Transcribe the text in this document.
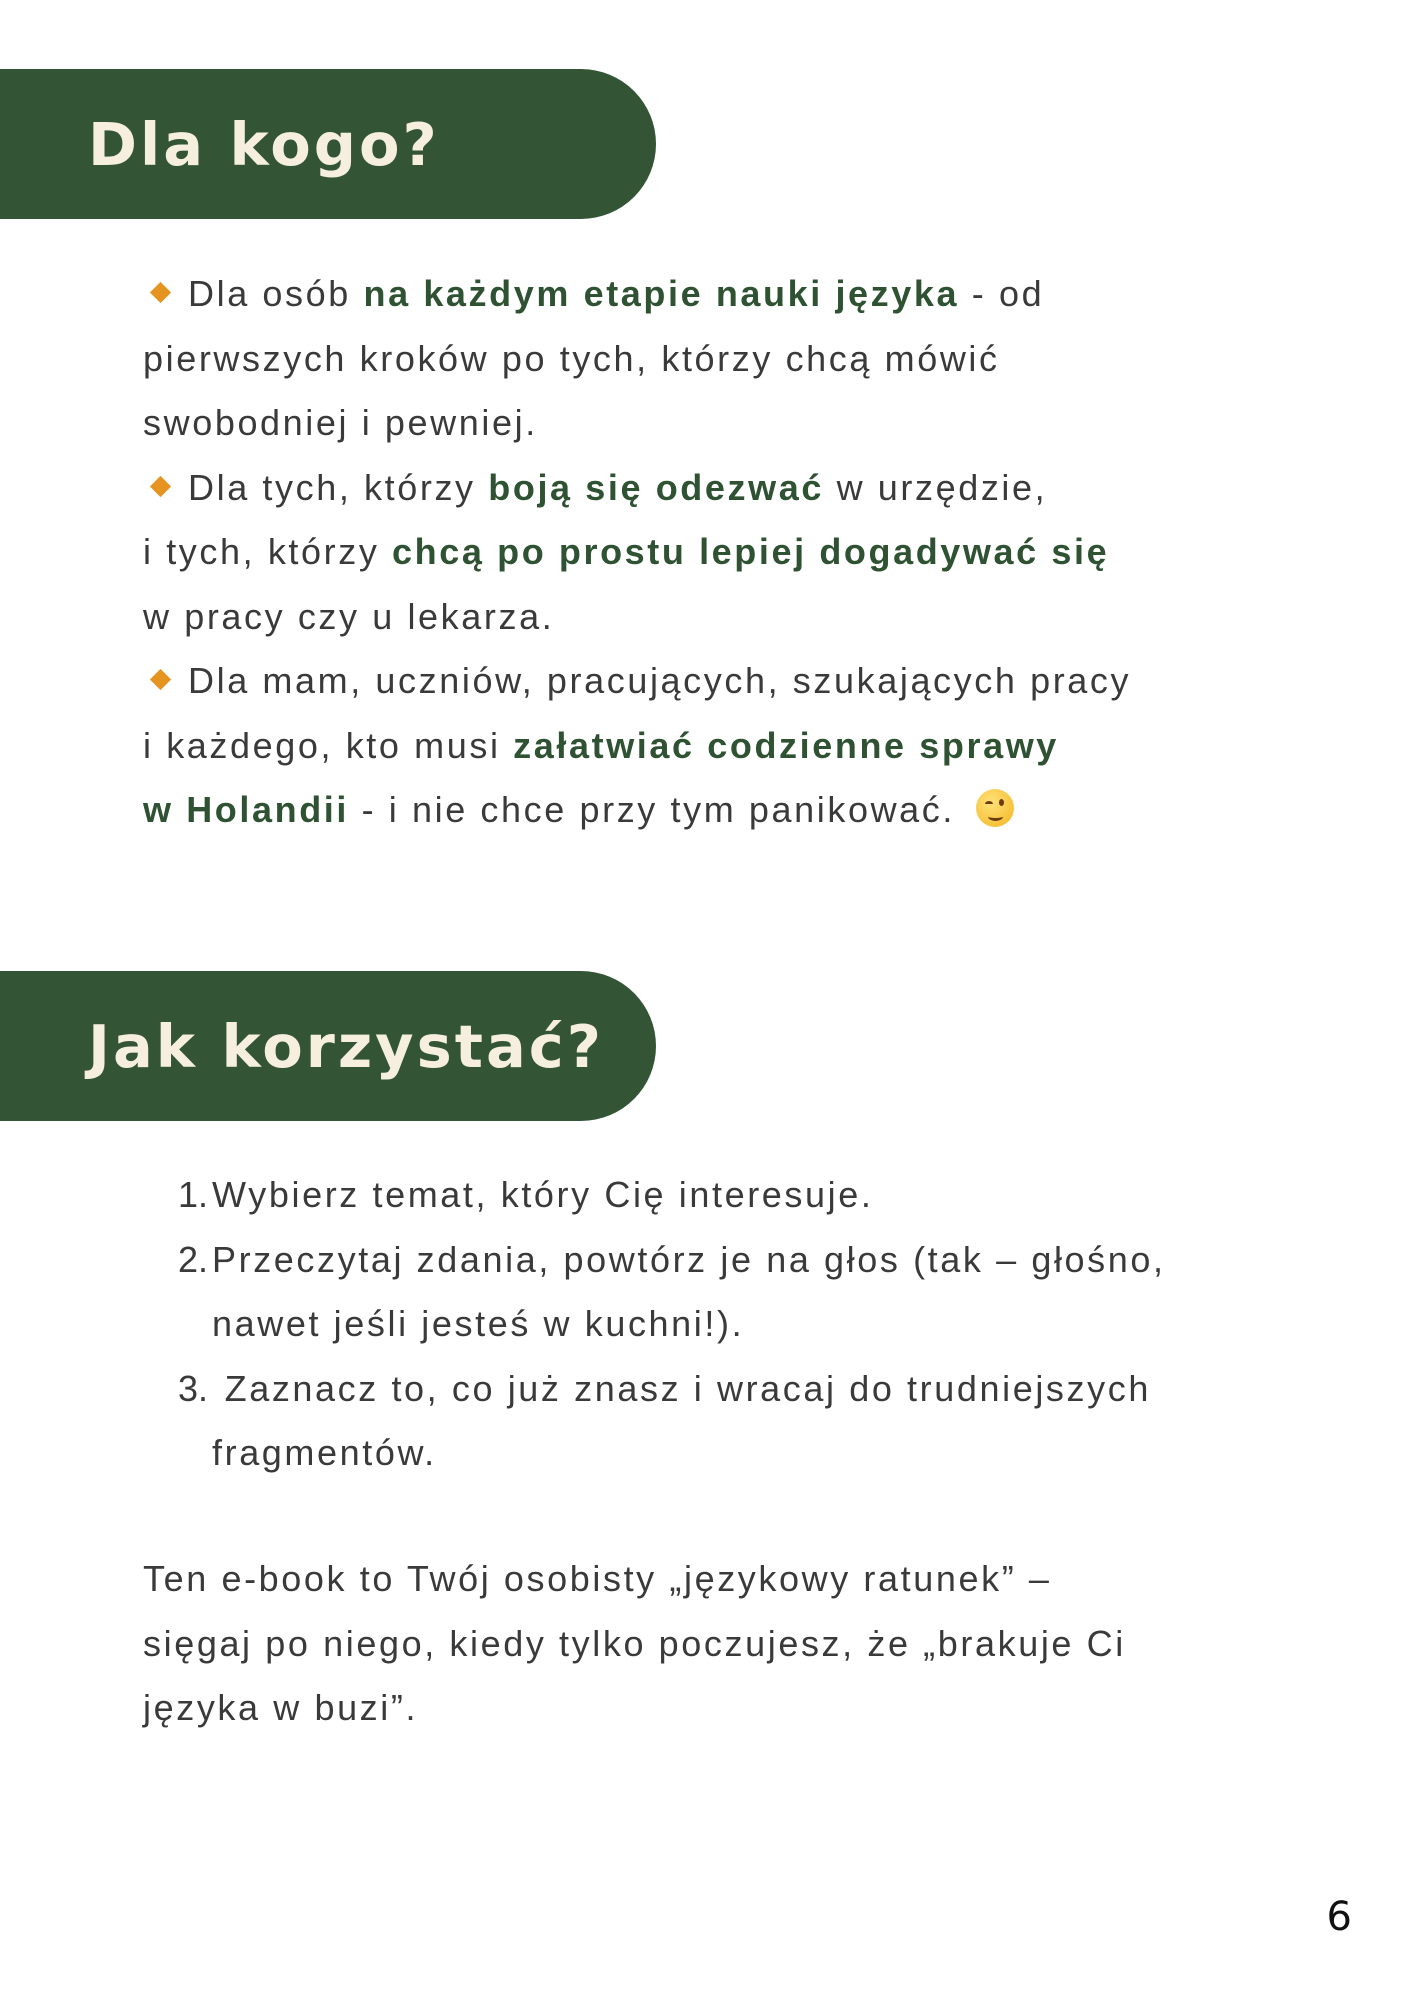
Dla kogo?

Dla osób na każdym etapie nauki języka - od
pierwszych kroków po tych, którzy chcą mówić
swobodniej i pewniej.

Dla tych, którzy boją się odezwać w urzędzie,
i tych, którzy chcą po prostu lepiej dogadywać się
w pracy czy u lekarza.

Dla mam, uczniów, pracujących, szukających pracy
i każdego, kto musi załatwiać codzienne sprawy
w Holandii - i nie chce przy tym panikować.

Jak korzystać?
1. Wybierz temat, który Cię interesuje.
2. Przeczytaj zdania, powtórz je na głos (tak – głośno,
nawet jeśli jesteś w kuchni!).
3. Zaznacz to, co już znasz i wracaj do trudniejszych
fragmentów.
Ten e-book to Twój osobisty „językowy ratunek” –
sięgaj po niego, kiedy tylko poczujesz, że „brakuje Ci
języka w buzi”.
6
